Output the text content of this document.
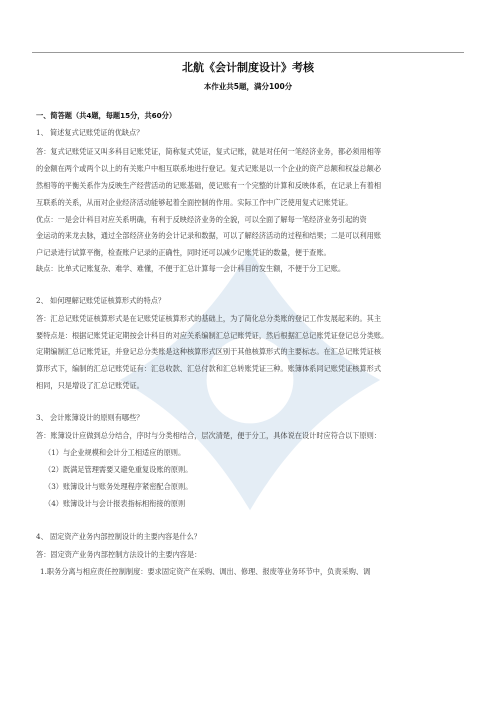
北航《会计制度设计》考核
本作业共5题，满分100分
一、简答题（共4题，每题15分，共60分）
1、 简述复式记账凭证的优缺点？
答：复式记账凭证又叫多科目记账凭证，简称复式凭证，复式记账，就是对任何一笔经济业务，都必须用相等
的金额在两个或两个以上的有关账户中相互联系地进行登记。复式记账是以一个企业的资产总额和权益总额必
然相等的平衡关系作为反映生产经营活动的记账基础，使记账有一个完整的计算和反映体系，在记录上有着相
互联系的关系，从而对企业经济活动能够起着全面控制的作用。实际工作中广泛使用复式记账凭证。
优点：一是会计科目对应关系明确，有利于反映经济业务的全貌，可以全面了解每一笔经济业务引起的资
金运动的来龙去脉，通过全部经济业务的会计记录和数据，可以了解经济活动的过程和结果；二是可以利用账
户记录进行试算平衡，检查账户记录的正确性，同时还可以减少记账凭证的数量，便于查账。
缺点：比单式记账复杂、难学、难懂，不便于汇总计算每一会计科目的发生额，不便于分工记账。
2、 如何理解记账凭证核算形式的特点？
答：汇总记账凭证核算形式是在记账凭证核算形式的基础上，为了简化总分类账的登记工作发展起来的。其主
要特点是：根据记账凭证定期按会计科目的对应关系编制汇总记账凭证，然后根据汇总记账凭证登记总分类账。
定期编制汇总记账凭证，并登记总分类账是这种核算形式区别于其他核算形式的主要标志。在汇总记账凭证核
算形式下，编制的汇总记账凭证有：汇总收款、汇总付款和汇总转账凭证三种。账簿体系同记账凭证核算形式
相同，只是增设了汇总记账凭证。
3、 会计账簿设计的原则有哪些？
答：账簿设计应做到总分结合，序时与分类相结合，层次清楚，便于分工，具体说在设计时应符合以下原则：
（1）与企业规模和会计分工相适应的原则。
（2）既满足管理需要又避免重复设账的原则。
（3）账簿设计与账务处理程序紧密配合原则。
（4）账簿设计与会计报表指标相衔接的原则
4、 固定资产业务内部控制设计的主要内容是什么？
答：固定资产业务内部控制方法设计的主要内容是：
1.职务分离与相应责任控制制度：要求固定资产在采购、调出、修理、报废等业务环节中，负责采购、调
